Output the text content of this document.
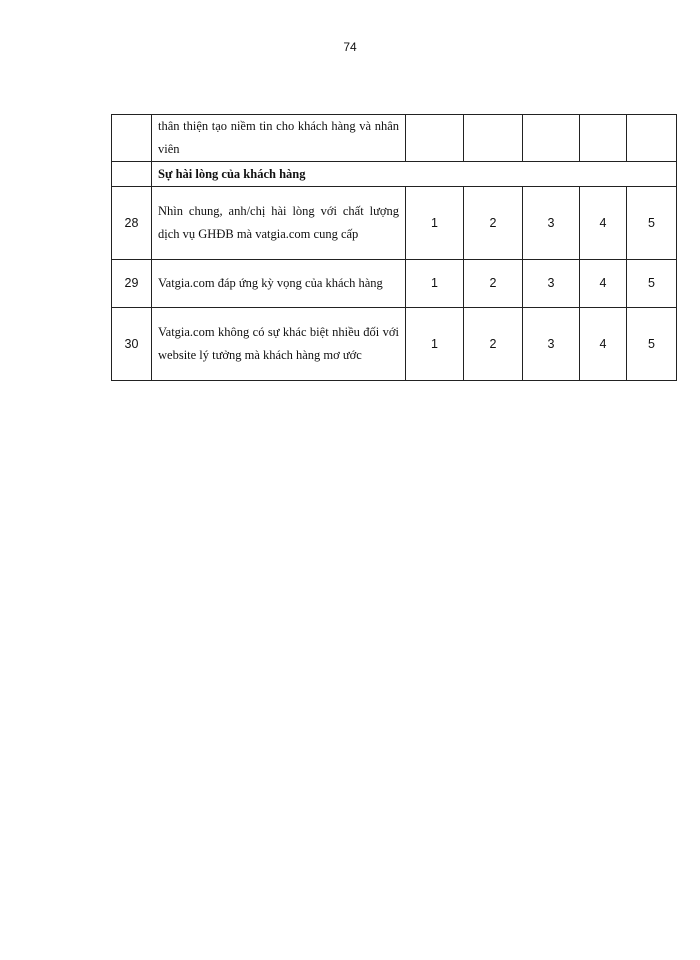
74
	thân thiện tạo niềm tin cho khách hàng và nhân viên					
	Sự hài lòng của khách hàng					
28	Nhìn chung, anh/chị hài lòng với chất lượng dịch vụ GHĐB mà vatgia.com cung cấp	1	2	3	4	5
29	Vatgia.com đáp ứng kỳ vọng của khách hàng	1	2	3	4	5
30	Vatgia.com không có sự khác biệt nhiều đối với website lý tưởng mà khách hàng mơ ước	1	2	3	4	5
